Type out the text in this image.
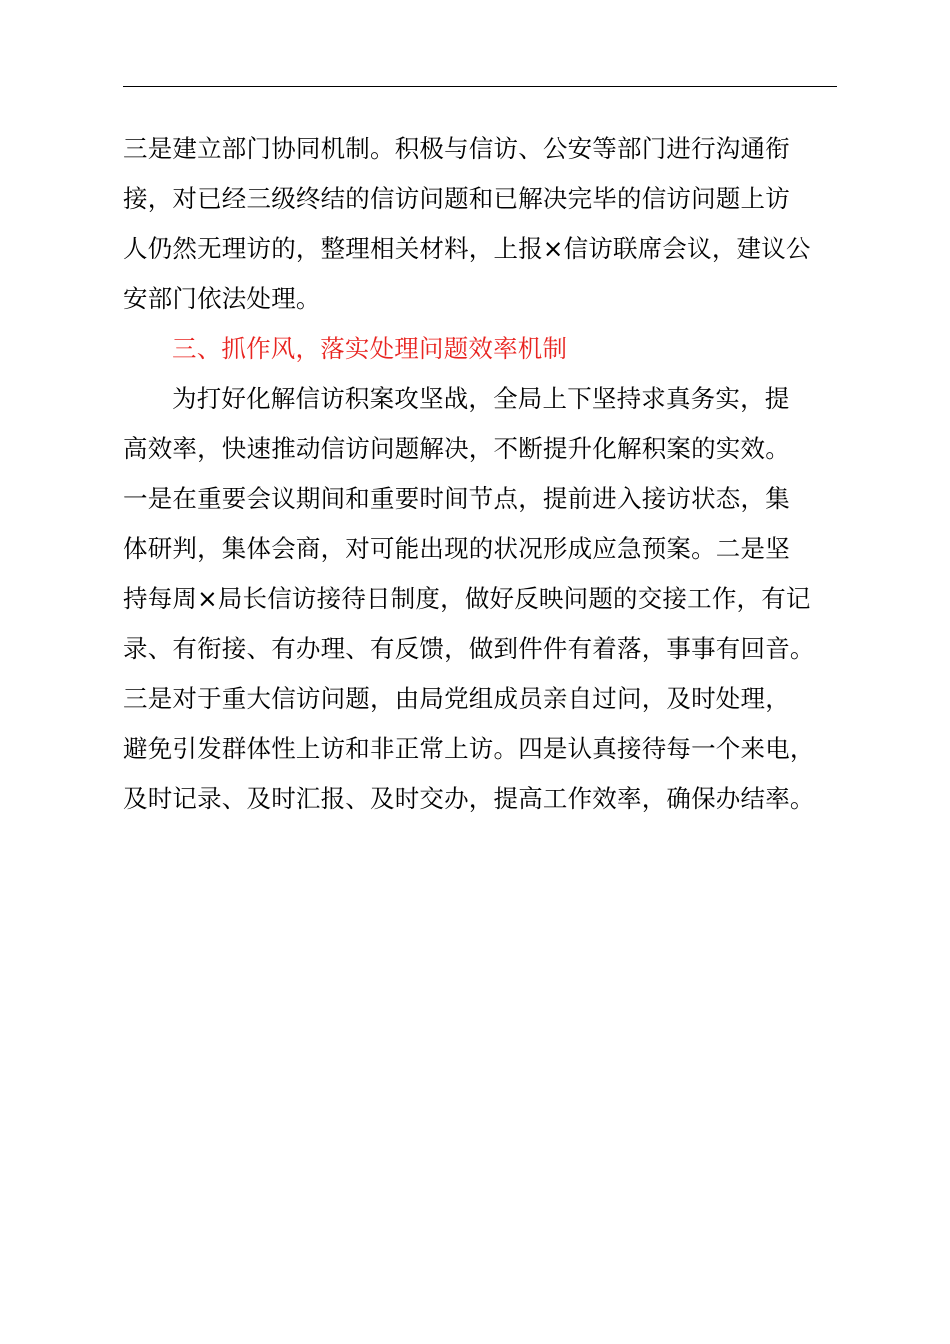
三是建立部门协同机制。积极与信访、公安等部门进行沟通衔
接，对已经三级终结的信访问题和已解决完毕的信访问题上访
人仍然无理访的，整理相关材料，上报×信访联席会议，建议公
安部门依法处理。
三、抓作风，落实处理问题效率机制
为打好化解信访积案攻坚战，全局上下坚持求真务实，提
高效率，快速推动信访问题解决，不断提升化解积案的实效。
一是在重要会议期间和重要时间节点，提前进入接访状态，集
体研判，集体会商，对可能出现的状况形成应急预案。二是坚
持每周×局长信访接待日制度，做好反映问题的交接工作，有记
录、有衔接、有办理、有反馈，做到件件有着落，事事有回音。
三是对于重大信访问题，由局党组成员亲自过问，及时处理，
避免引发群体性上访和非正常上访。四是认真接待每一个来电，
及时记录、及时汇报、及时交办，提高工作效率，确保办结率。
